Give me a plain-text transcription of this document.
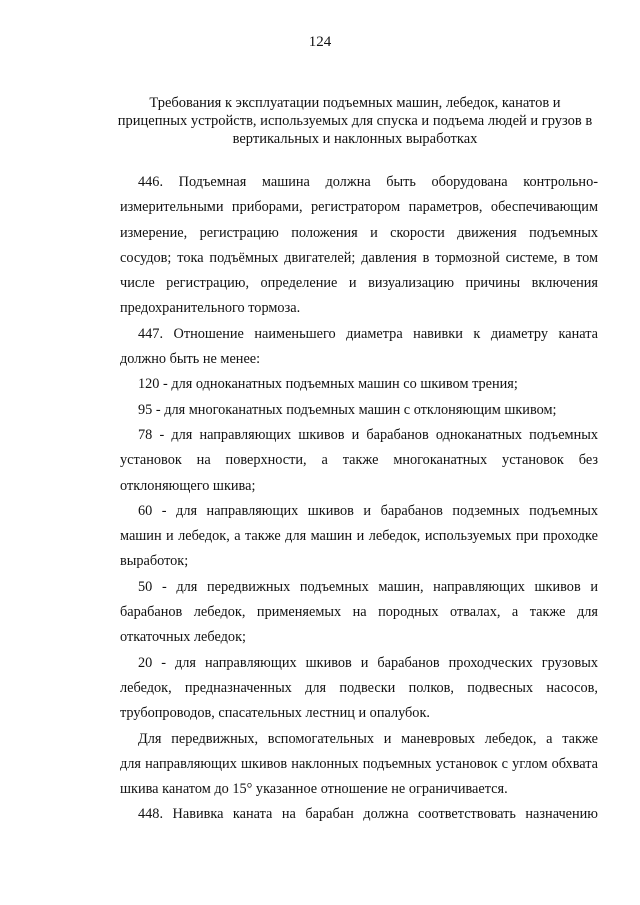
124
Требования к эксплуатации подъемных машин, лебедок, канатов и
прицепных устройств, используемых для спуска и подъема людей и грузов в
вертикальных и наклонных выработках
446. Подъемная машина должна быть оборудована контрольно-
измерительными приборами, регистратором параметров, обеспечивающим
измерение, регистрацию положения и скорости движения подъемных
сосудов; тока подъёмных двигателей; давления в тормозной системе, в том
числе регистрацию, определение и визуализацию причины включения
предохранительного тормоза.
447. Отношение наименьшего диаметра навивки к диаметру каната
должно быть не менее:
120 - для одноканатных подъемных машин со шкивом трения;
95 - для многоканатных подъемных машин с отклоняющим шкивом;
78 - для направляющих шкивов и барабанов одноканатных подъемных
установок на поверхности, а также многоканатных установок без
отклоняющего шкива;
60 - для направляющих шкивов и барабанов подземных подъемных
машин и лебедок, а также для машин и лебедок, используемых при проходке
выработок;
50 - для передвижных подъемных машин, направляющих шкивов и
барабанов лебедок, применяемых на породных отвалах, а также для
откаточных лебедок;
20 - для направляющих шкивов и барабанов проходческих грузовых
лебедок, предназначенных для подвески полков, подвесных насосов,
трубопроводов, спасательных лестниц и опалубок.
Для передвижных, вспомогательных и маневровых лебедок, а также
для направляющих шкивов наклонных подъемных установок с углом обхвата
шкива канатом до 15° указанное отношение не ограничивается.
448. Навивка каната на барабан должна соответствовать назначению
